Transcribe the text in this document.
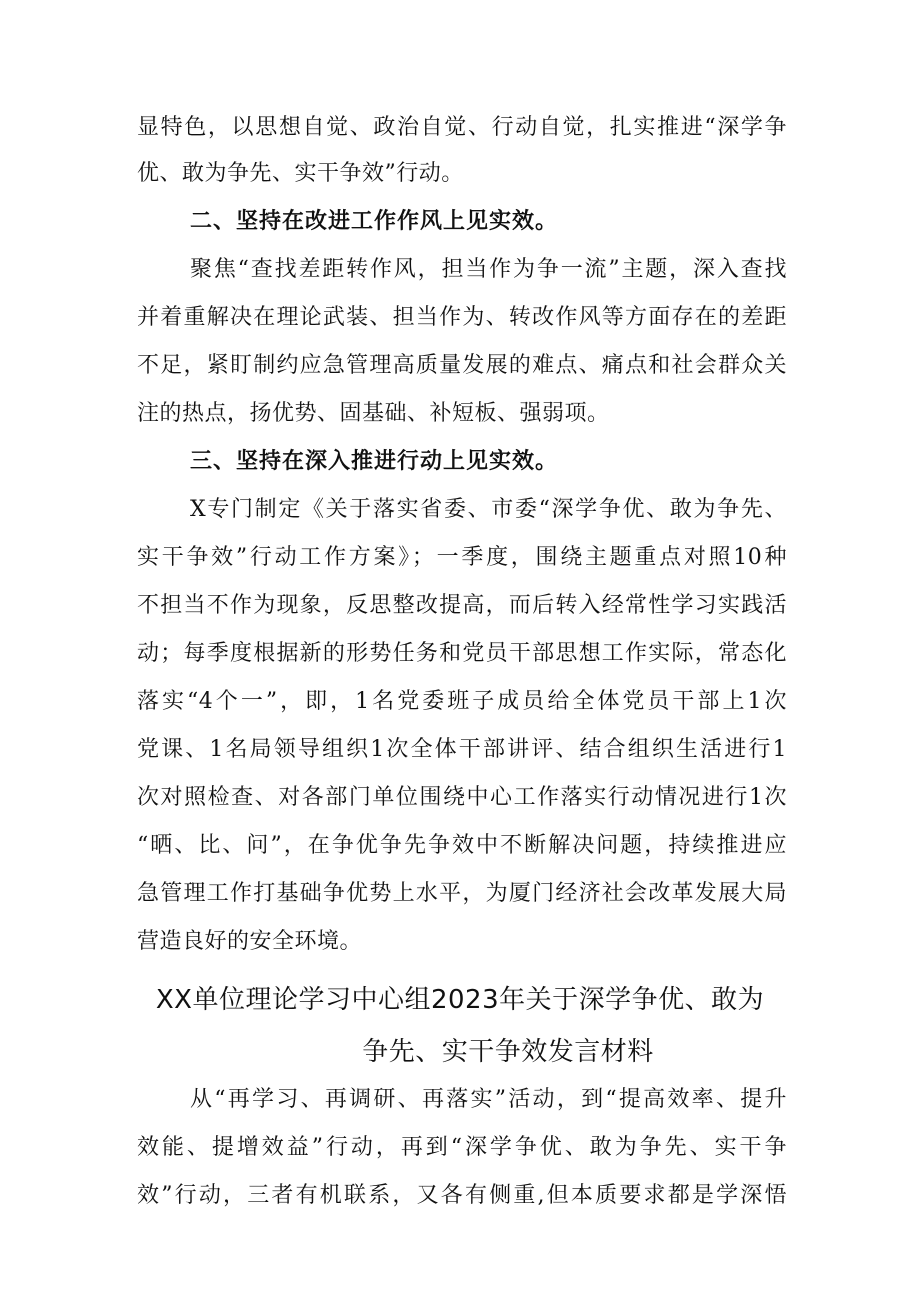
显特色，以思想自觉、政治自觉、行动自觉，扎实推进“深学争
优、敢为争先、实干争效”行动。
二、坚持在改进工作作风上见实效。
聚焦“查找差距转作风，担当作为争一流”主题，深入查找
并着重解决在理论武装、担当作为、转改作风等方面存在的差距
不足，紧盯制约应急管理高质量发展的难点、痛点和社会群众关
注的热点，扬优势、固基础、补短板、强弱项。
三、坚持在深入推进行动上见实效。
X专门制定《关于落实省委、市委“深学争优、敢为争先、
实干争效”行动工作方案》；一季度，围绕主题重点对照10种
不担当不作为现象，反思整改提高，而后转入经常性学习实践活
动；每季度根据新的形势任务和党员干部思想工作实际，常态化
落实“4个一”，即，1名党委班子成员给全体党员干部上1次
党课、1名局领导组织1次全体干部讲评、结合组织生活进行1
次对照检查、对各部门单位围绕中心工作落实行动情况进行1次
“晒、比、问”，在争优争先争效中不断解决问题，持续推进应
急管理工作打基础争优势上水平，为厦门经济社会改革发展大局
营造良好的安全环境。
XX单位理论学习中心组2023年关于深学争优、敢为
争先、实干争效发言材料
从“再学习、再调研、再落实”活动，到“提高效率、提升
效能、提增效益”行动，再到“深学争优、敢为争先、实干争
效”行动，三者有机联系，又各有侧重,但本质要求都是学深悟
